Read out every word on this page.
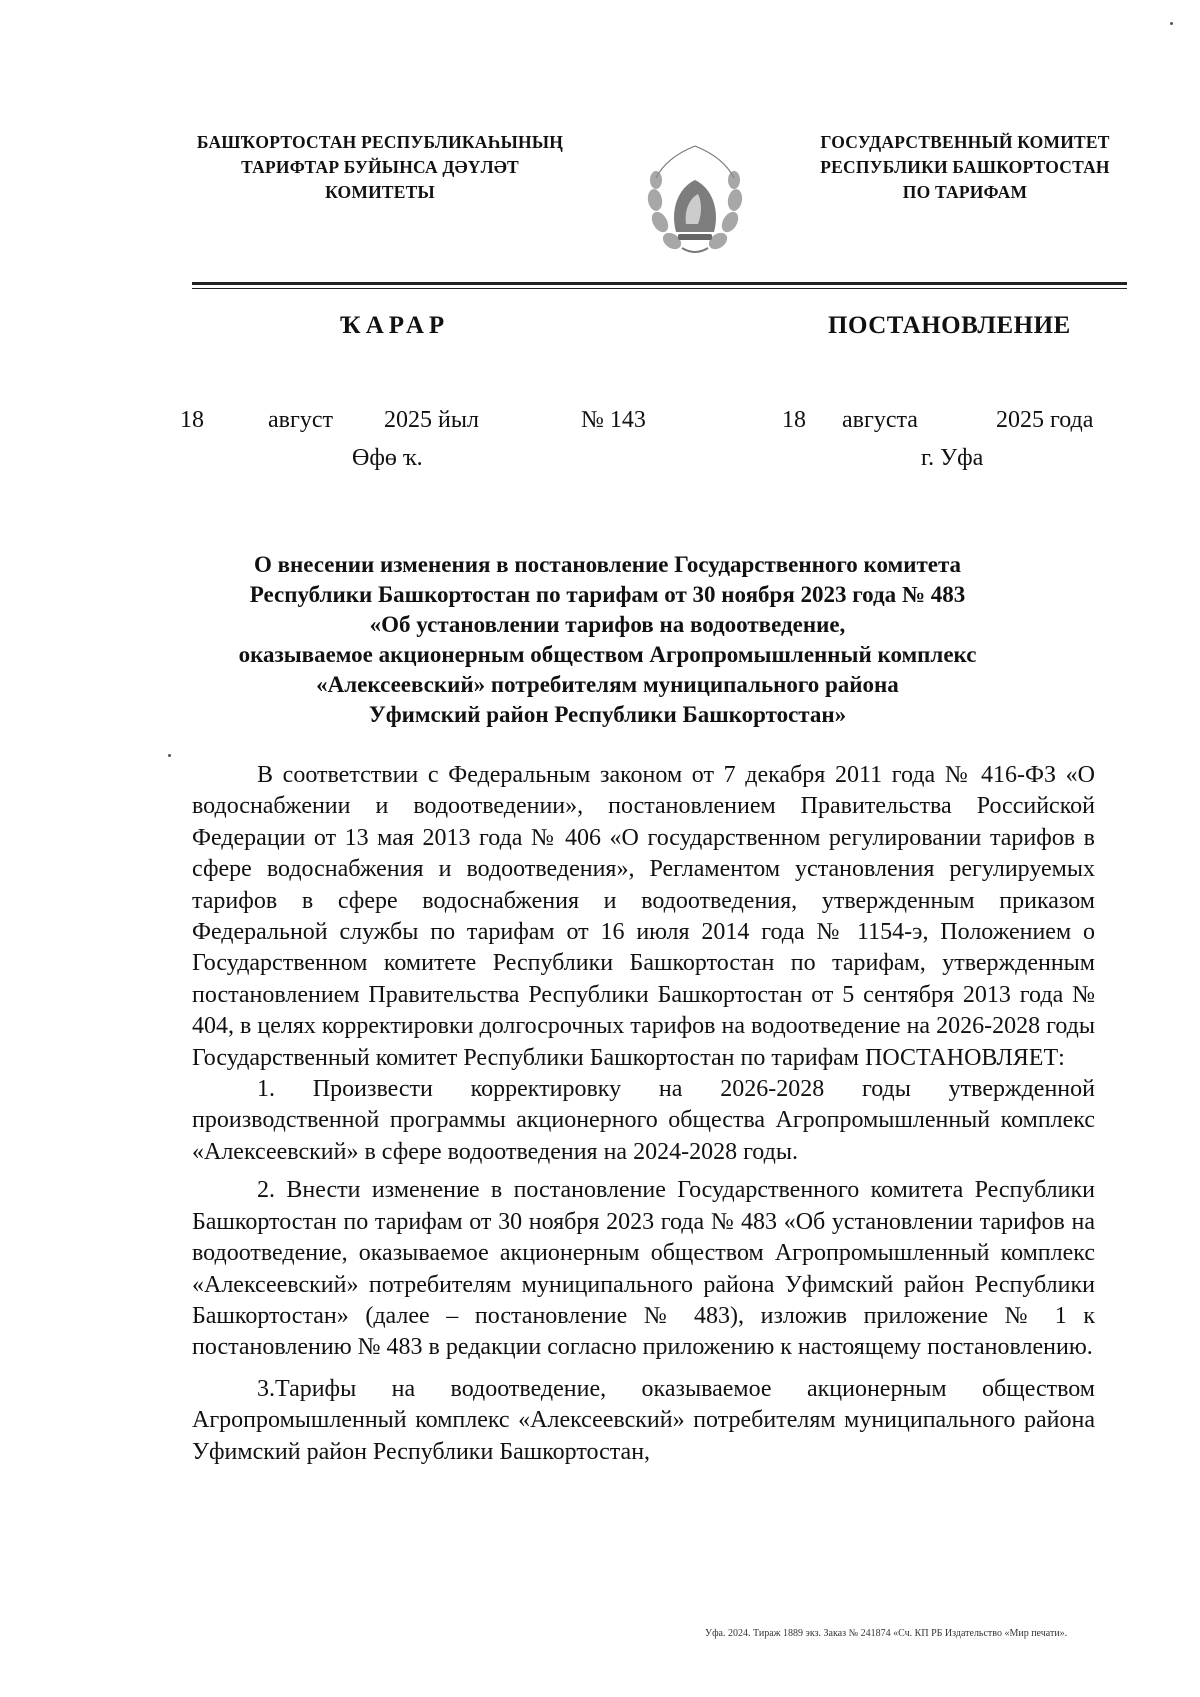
БАШҠОРТОСТАН РЕСПУБЛИКАҺЫНЫҢ
ТАРИФТАР БУЙЫНСА ДӘҮЛӘТ
КОМИТЕТЫ
ГОСУДАРСТВЕННЫЙ КОМИТЕТ
РЕСПУБЛИКИ БАШКОРТОСТАН
ПО ТАРИФАМ
ҠАРАР	ПОСТАНОВЛЕНИЕ
18	август 2025 йыл	№ 143	18 августа	2025 года
Өфө ҡ.	г. Уфа
О внесении изменения в постановление Государственного комитета
Республики Башкортостан по тарифам от 30 ноября 2023 года № 483
«Об установлении тарифов на водоотведение,
оказываемое акционерным обществом Агропромышленный комплекс
«Алексеевский» потребителям муниципального района
Уфимский район Республики Башкортостан»

В соответствии с Федеральным законом от 7 декабря 2011 года № 416-ФЗ «О водоснабжении и водоотведении», постановлением Правительства Российской Федерации от 13 мая 2013 года № 406 «О государственном регулировании тарифов в сфере водоснабжения и водоотведения», Регламентом установления регулируемых тарифов в сфере водоснабжения и водоотведения, утвержденным приказом Федеральной службы по тарифам от 16 июля 2014 года № 1154-э, Положением о Государственном комитете Республики Башкортостан по тарифам, утвержденным постановлением Правительства Республики Башкортостан от 5 сентября 2013 года № 404, в целях корректировки долгосрочных тарифов на водоотведение на 2026-2028 годы Государственный комитет Республики Башкортостан по тарифам ПОСТАНОВЛЯЕТ:

1. Произвести корректировку на 2026-2028 годы утвержденной производственной программы акционерного общества Агропромышленный комплекс «Алексеевский» в сфере водоотведения на 2024-2028 годы.

2. Внести изменение в постановление Государственного комитета Республики Башкортостан по тарифам от 30 ноября 2023 года № 483 «Об установлении тарифов на водоотведение, оказываемое акционерным обществом Агропромышленный комплекс «Алексеевский» потребителям муниципального района Уфимский район Республики Башкортостан» (далее – постановление № 483), изложив приложение № 1 к постановлению № 483 в редакции согласно приложению к настоящему постановлению.

3.Тарифы на водоотведение, оказываемое акционерным обществом Агропромышленный комплекс «Алексеевский» потребителям муниципального района Уфимский район Республики Башкортостан,

Уфа. 2024. Тираж 1889 экз. Заказ № 241874 «Сч. КП РБ Издательство «Мир печати».
